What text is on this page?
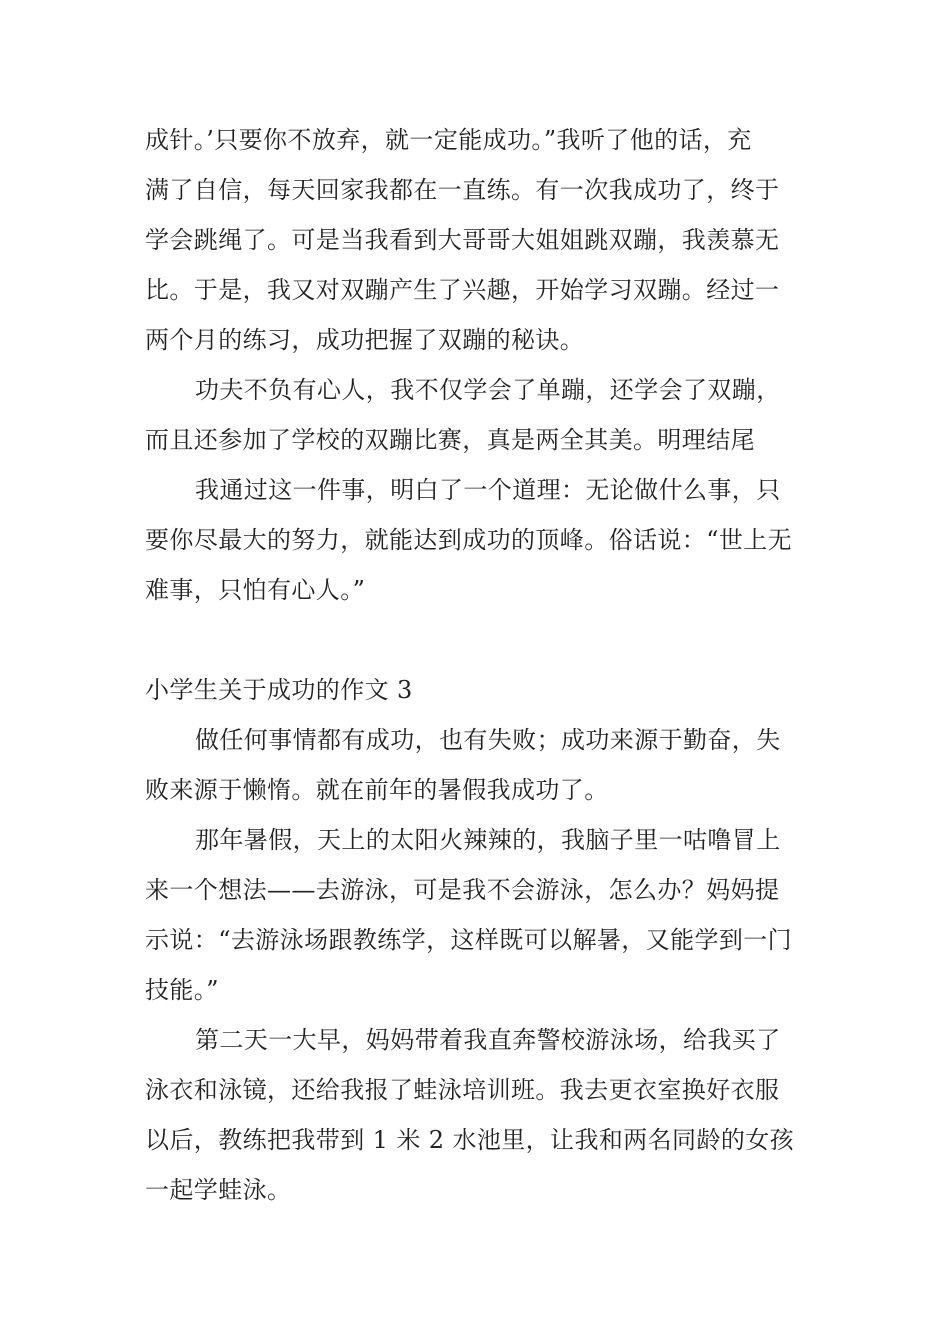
成针。’只要你不放弃，就一定能成功。”我听了他的话，充
满了自信，每天回家我都在一直练。有一次我成功了，终于
学会跳绳了。可是当我看到大哥哥大姐姐跳双蹦，我羡慕无
比。于是，我又对双蹦产生了兴趣，开始学习双蹦。经过一
两个月的练习，成功把握了双蹦的秘诀。
功夫不负有心人，我不仅学会了单蹦，还学会了双蹦，
而且还参加了学校的双蹦比赛，真是两全其美。明理结尾
我通过这一件事，明白了一个道理：无论做什么事，只
要你尽最大的努力，就能达到成功的顶峰。俗话说：“世上无
难事，只怕有心人。”
小学生关于成功的作文 3
做任何事情都有成功，也有失败；成功来源于勤奋，失
败来源于懒惰。就在前年的暑假我成功了。
那年暑假，天上的太阳火辣辣的，我脑子里一咕噜冒上
来一个想法——去游泳，可是我不会游泳，怎么办？妈妈提
示说：“去游泳场跟教练学，这样既可以解暑，又能学到一门
技能。”
第二天一大早，妈妈带着我直奔警校游泳场，给我买了
泳衣和泳镜，还给我报了蛙泳培训班。我去更衣室换好衣服
以后，教练把我带到 1 米 2 水池里，让我和两名同龄的女孩
一起学蛙泳。
